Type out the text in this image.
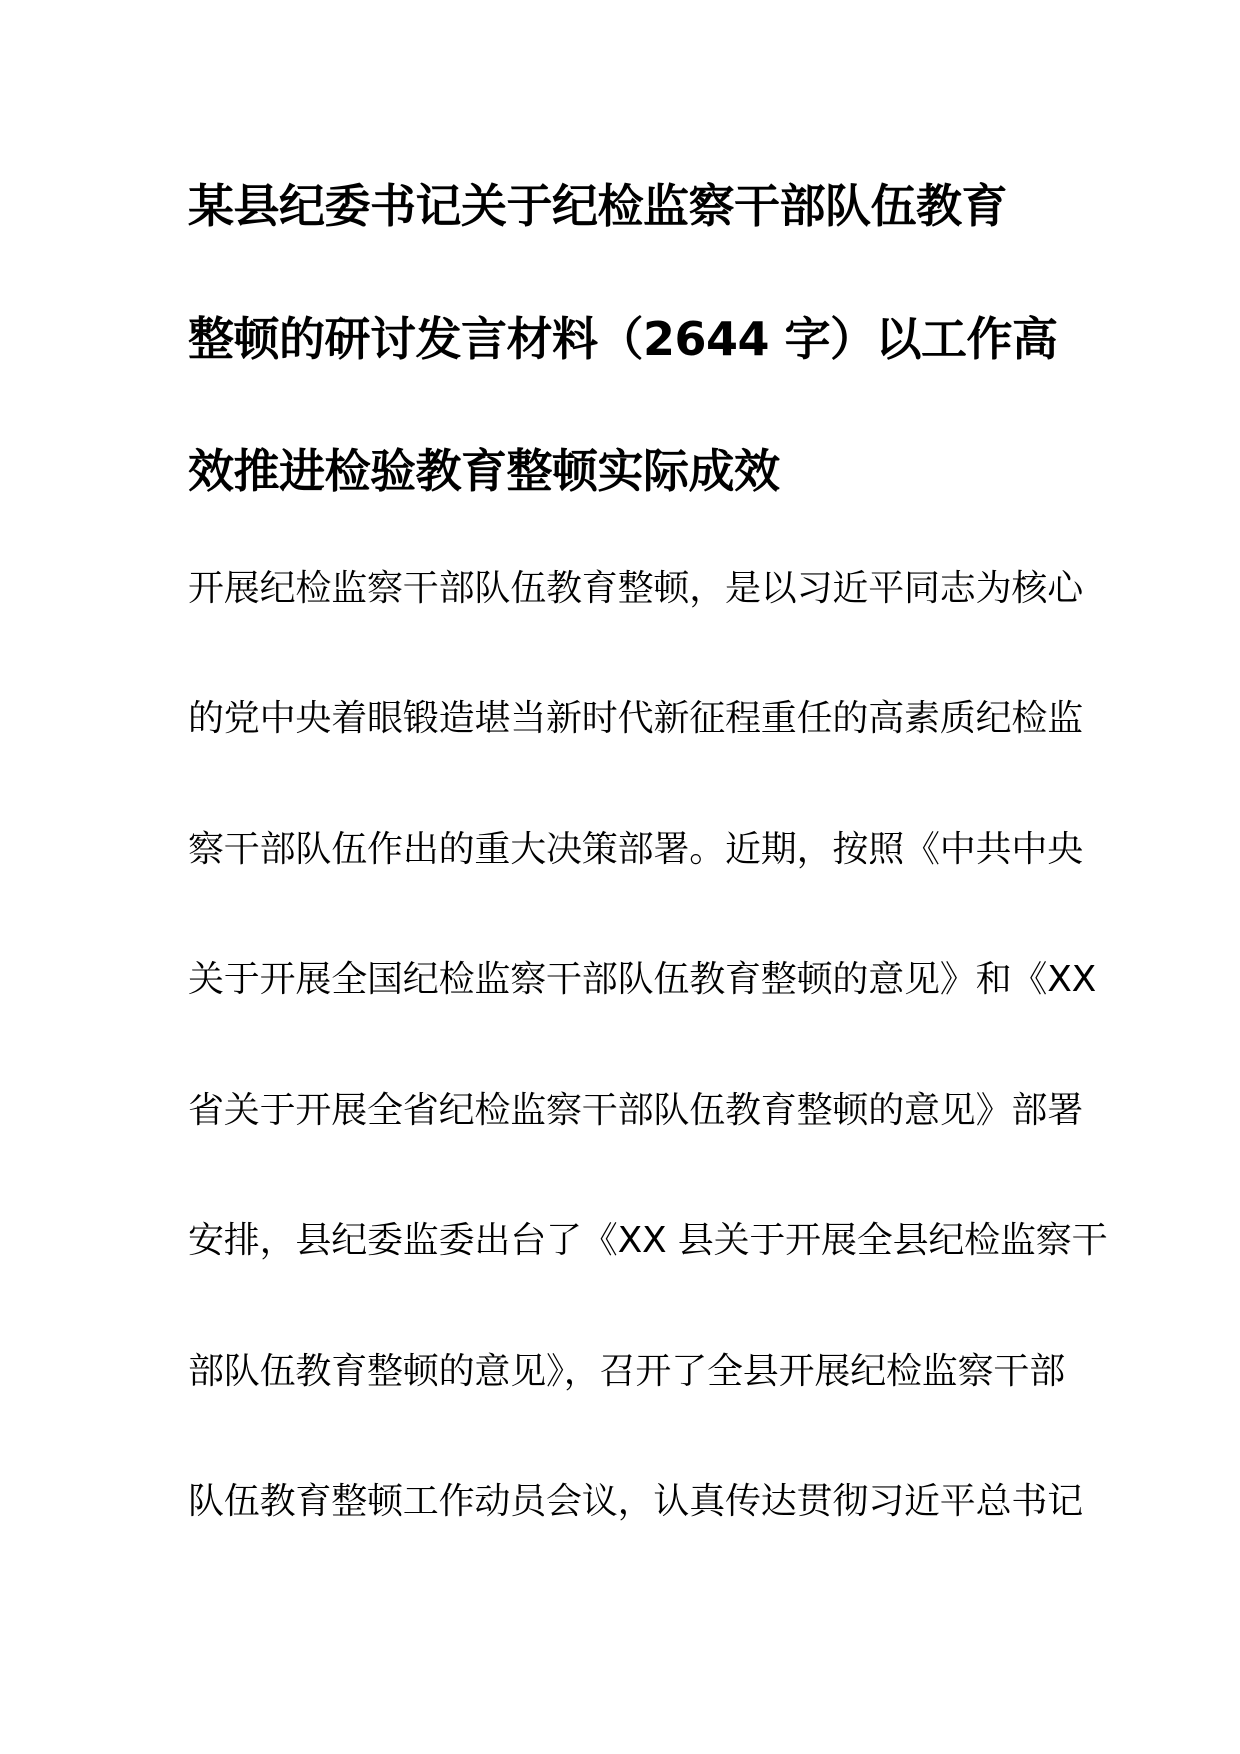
某县纪委书记关于纪检监察干部队伍教育
整顿的研讨发言材料（2644 字）以工作高
效推进检验教育整顿实际成效
开展纪检监察干部队伍教育整顿，是以习近平同志为核心
的党中央着眼锻造堪当新时代新征程重任的高素质纪检监
察干部队伍作出的重大决策部署。近期，按照《中共中央
关于开展全国纪检监察干部队伍教育整顿的意见》和《XX
省关于开展全省纪检监察干部队伍教育整顿的意见》部署
安排，县纪委监委出台了《XX 县关于开展全县纪检监察干
部队伍教育整顿的意见》，召开了全县开展纪检监察干部
队伍教育整顿工作动员会议，认真传达贯彻习近平总书记
